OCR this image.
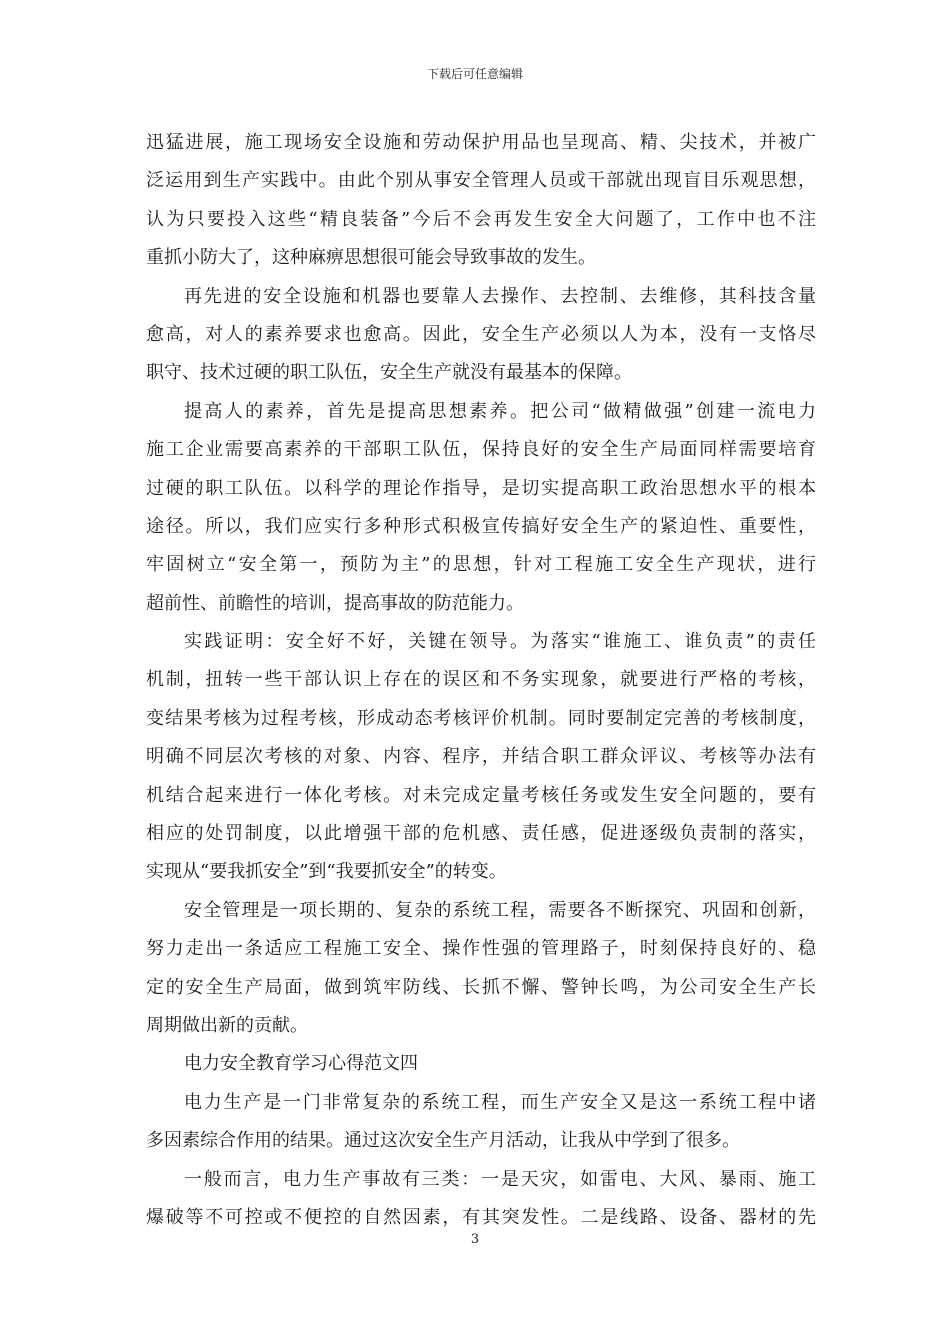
下载后可任意编辑
迅猛进展，施工现场安全设施和劳动保护用品也呈现高、精、尖技术，并被广
泛运用到生产实践中。由此个别从事安全管理人员或干部就出现盲目乐观思想，
认为只要投入这些“精良装备”今后不会再发生安全大问题了，工作中也不注
重抓小防大了，这种麻痹思想很可能会导致事故的发生。
再先进的安全设施和机器也要靠人去操作、去控制、去维修，其科技含量
愈高，对人的素养要求也愈高。因此，安全生产必须以人为本，没有一支恪尽
职守、技术过硬的职工队伍，安全生产就没有最基本的保障。
提高人的素养，首先是提高思想素养。把公司“做精做强”创建一流电力
施工企业需要高素养的干部职工队伍，保持良好的安全生产局面同样需要培育
过硬的职工队伍。以科学的理论作指导，是切实提高职工政治思想水平的根本
途径。所以，我们应实行多种形式积极宣传搞好安全生产的紧迫性、重要性，
牢固树立“安全第一，预防为主”的思想，针对工程施工安全生产现状，进行
超前性、前瞻性的培训，提高事故的防范能力。
实践证明：安全好不好，关键在领导。为落实“谁施工、谁负责”的责任
机制，扭转一些干部认识上存在的误区和不务实现象，就要进行严格的考核，
变结果考核为过程考核，形成动态考核评价机制。同时要制定完善的考核制度，
明确不同层次考核的对象、内容、程序，并结合职工群众评议、考核等办法有
机结合起来进行一体化考核。对未完成定量考核任务或发生安全问题的，要有
相应的处罚制度，以此增强干部的危机感、责任感，促进逐级负责制的落实，
实现从“要我抓安全”到“我要抓安全”的转变。
安全管理是一项长期的、复杂的系统工程，需要各不断探究、巩固和创新，
努力走出一条适应工程施工安全、操作性强的管理路子，时刻保持良好的、稳
定的安全生产局面，做到筑牢防线、长抓不懈、警钟长鸣，为公司安全生产长
周期做出新的贡献。
电力安全教育学习心得范文四
电力生产是一门非常复杂的系统工程，而生产安全又是这一系统工程中诸
多因素综合作用的结果。通过这次安全生产月活动，让我从中学到了很多。
一般而言，电力生产事故有三类：一是天灾，如雷电、大风、暴雨、施工
爆破等不可控或不便控的自然因素，有其突发性。二是线路、设备、器材的先
3
